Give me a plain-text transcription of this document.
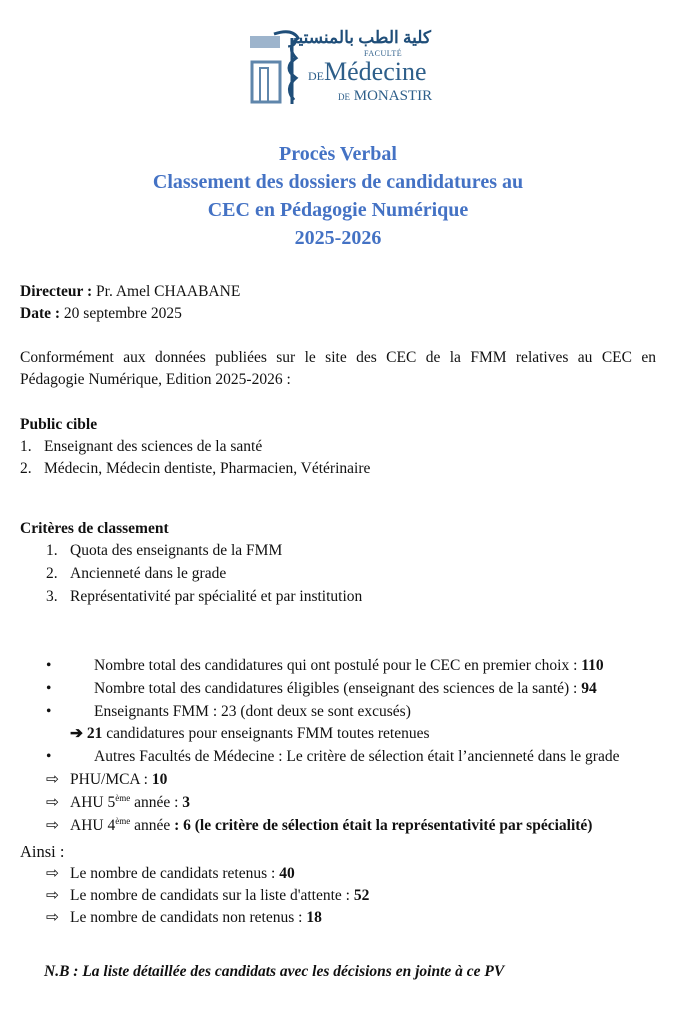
كلية الطب بالمنستير
FACULTÉ
DEMédecine
DE MONASTIR
Procès Verbal
Classement des dossiers de candidatures au
CEC en Pédagogie Numérique
2025-2026
Directeur : Pr. Amel CHAABANE
Date : 20 septembre 2025
Conformément aux données publiées sur le site des CEC de la FMM relatives au CEC en
Pédagogie Numérique, Edition 2025-2026 :
Public cible
1. Enseignant des sciences de la santé
2. Médecin, Médecin dentiste, Pharmacien, Vétérinaire
Critères de classement
1. Quota des enseignants de la FMM
2. Ancienneté dans le grade
3. Représentativité par spécialité et par institution
•	Nombre total des candidatures qui ont postulé pour le CEC en premier choix : 110
•	Nombre total des candidatures éligibles (enseignant des sciences de la santé) : 94
•	Enseignants FMM : 23 (dont deux se sont excusés)
➔ 21 candidatures pour enseignants FMM toutes retenues
•	Autres Facultés de Médecine : Le critère de sélection était l’ancienneté dans le grade
⇨ PHU/MCA : 10
⇨ AHU 5ème année : 3
⇨ AHU 4ème année : 6 (le critère de sélection était la représentativité par spécialité)
Ainsi :
⇨ Le nombre de candidats retenus : 40
⇨ Le nombre de candidats sur la liste d'attente : 52
⇨ Le nombre de candidats non retenus : 18
N.B : La liste détaillée des candidats avec les décisions en jointe à ce PV
